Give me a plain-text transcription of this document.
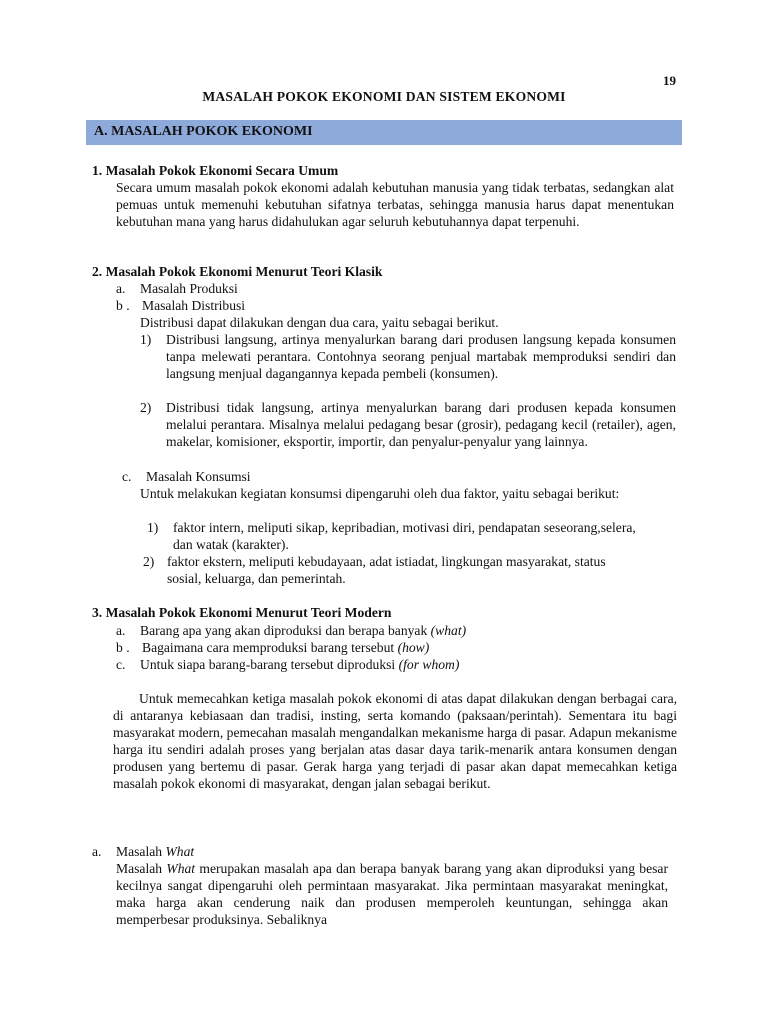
19
MASALAH POKOK EKONOMI DAN SISTEM EKONOMI
A. MASALAH POKOK EKONOMI
1. Masalah Pokok Ekonomi Secara Umum
Secara umum masalah pokok ekonomi adalah kebutuhan manusia yang tidak terbatas, sedangkan alat pemuas untuk memenuhi kebutuhan sifatnya terbatas, sehingga manusia harus dapat menentukan kebutuhan mana yang harus didahulukan agar seluruh kebutuhannya dapat terpenuhi.
2. Masalah Pokok Ekonomi Menurut Teori Klasik
a.	Masalah Produksi
b . Masalah Distribusi
Distribusi dapat dilakukan dengan dua cara, yaitu sebagai berikut.
1)	Distribusi langsung, artinya menyalurkan barang dari produsen langsung kepada konsumen tanpa melewati perantara. Contohnya seorang penjual martabak memproduksi sendiri dan langsung menjual dagangannya kepada pembeli (konsumen).
2)	Distribusi tidak langsung, artinya menyalurkan barang dari produsen kepada konsumen melalui perantara. Misalnya melalui pedagang besar (grosir), pedagang kecil (retailer), agen, makelar, komisioner, eksportir, importir, dan penyalur-penyalur yang lainnya.
c.	Masalah Konsumsi
Untuk melakukan kegiatan konsumsi dipengaruhi oleh dua faktor, yaitu sebagai berikut:
1)	faktor intern, meliputi sikap, kepribadian, motivasi diri, pendapatan seseorang,selera, dan watak (karakter).
2) faktor ekstern, meliputi kebudayaan, adat istiadat, lingkungan masyarakat, status sosial, keluarga, dan pemerintah.
3. Masalah Pokok Ekonomi Menurut Teori Modern
a.	Barang apa yang akan diproduksi dan berapa banyak
(what)
b . Bagaimana cara memproduksi barang tersebut
(how)
c.	Untuk siapa barang-barang tersebut diproduksi
(for whom)
Untuk memecahkan ketiga masalah pokok ekonomi di atas dapat dilakukan dengan berbagai cara, di antaranya kebiasaan dan tradisi, insting, serta komando (paksaan/perintah). Sementara itu bagi masyarakat modern, pemecahan masalah mengandalkan mekanisme harga di pasar. Adapun mekanisme harga itu sendiri adalah proses yang berjalan atas dasar daya tarik-menarik antara konsumen dengan produsen yang bertemu di pasar. Gerak harga yang terjadi di pasar akan dapat memecahkan ketiga masalah pokok ekonomi di masyarakat, dengan jalan sebagai berikut.
a.	Masalah
What
Masalah What merupakan masalah apa dan berapa banyak barang yang akan diproduksi yang besar kecilnya sangat dipengaruhi oleh permintaan masyarakat. Jika permintaan masyarakat meningkat, maka harga akan cenderung naik dan produsen memperoleh keuntungan, sehingga akan memperbesar produksinya. Sebaliknya
